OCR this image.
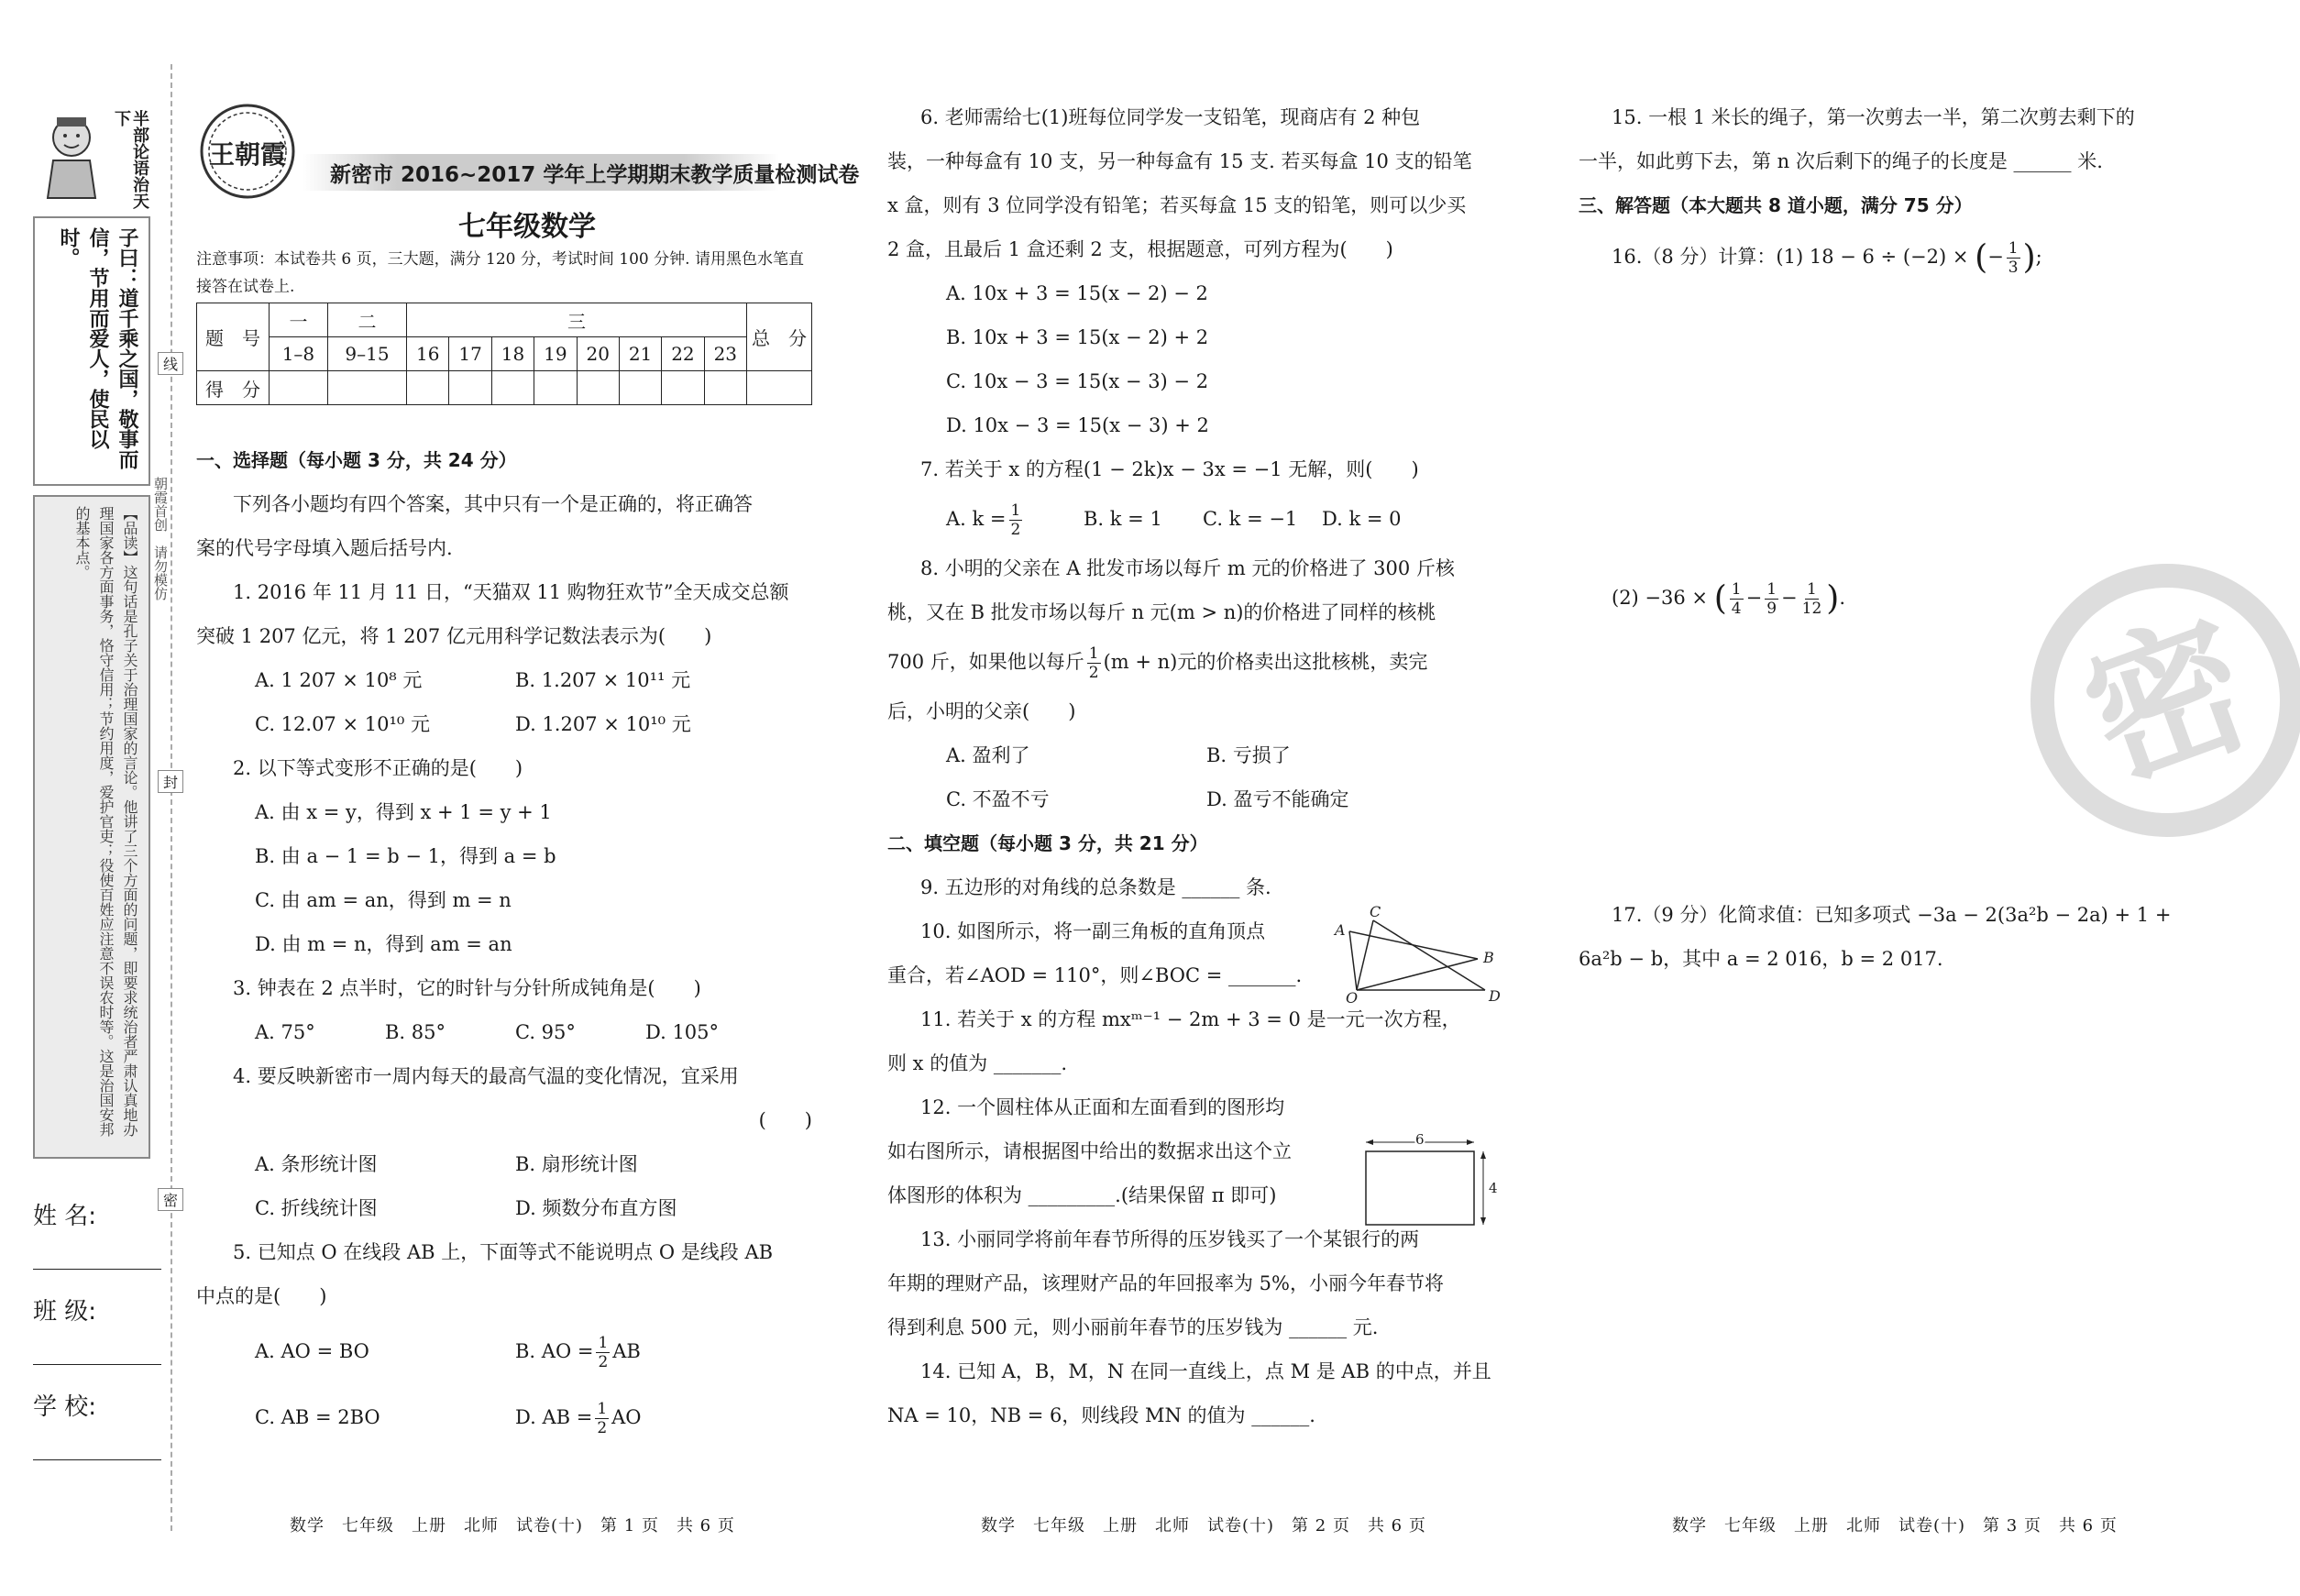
半部论语治天下
子曰：道千乘之国，敬事而信，节用而爱人，使民以时。
【品读】这句话是孔子关于治理国家的言论。他讲了三个方面的问题，即要求统治者严肃认真地办理国家各方面事务，恪守信用；节约用度，爱护官吏；役使百姓应注意不误农时等。这是治国安邦的基本点。
姓 名:
班 级:
学 校:
线
封
密
朝霞首创　请勿模仿
王朝霞
新密市 2016~2017 学年上学期期末教学质量检测试卷
七年级数学
注意事项：本试卷共 6 页，三大题，满分 120 分，考试时间 100 分钟. 请用黑色水笔直接答在试卷上.
题　号	一	二	三								总　分
	1–8	9–15	16	17	18	19	20	21	22	23	
得　分											
一、选择题（每小题 3 分，共 24 分）
下列各小题均有四个答案，其中只有一个是正确的，将正确答
案的代号字母填入题后括号内.
1. 2016 年 11 月 11 日，“天猫双 11 购物狂欢节”全天成交总额
突破 1 207 亿元，将 1 207 亿元用科学记数法表示为(　　)
A. 1 207 × 10⁸ 元	B. 1.207 × 10¹¹ 元
C. 12.07 × 10¹⁰ 元	D. 1.207 × 10¹⁰ 元
2. 以下等式变形不正确的是(　　)
A. 由 x = y，得到 x + 1 = y + 1
B. 由 a − 1 = b − 1，得到 a = b
C. 由 am = an，得到 m = n
D. 由 m = n，得到 am = an
3. 钟表在 2 点半时，它的时针与分针所成钝角是(　　)
A. 75°	B. 85°	C. 95°	D. 105°
4. 要反映新密市一周内每天的最高气温的变化情况，宜采用
(　　)
A. 条形统计图	B. 扇形统计图
C. 折线统计图	D. 频数分布直方图
5. 已知点 O 在线段 AB 上，下面等式不能说明点 O 是线段 AB
中点的是(　　)
A. AO = BO	B. AO = $\frac{1}{2}$ AB
C. AB = 2BO	D. AB = $\frac{1}{2}$ AO
数学　七年级　上册　北师　试卷(十)　第 1 页　共 6 页
6. 老师需给七(1)班每位同学发一支铅笔，现商店有 2 种包
装，一种每盒有 10 支，另一种每盒有 15 支. 若买每盒 10 支的铅笔
x 盒，则有 3 位同学没有铅笔；若买每盒 15 支的铅笔，则可以少买
2 盒，且最后 1 盒还剩 2 支，根据题意，可列方程为(　　)
A. 10x + 3 = 15(x − 2) − 2
B. 10x + 3 = 15(x − 2) + 2
C. 10x − 3 = 15(x − 3) − 2
D. 10x − 3 = 15(x − 3) + 2
7. 若关于 x 的方程(1 − 2k)x − 3x = −1 无解，则(　　)
A. $k = \frac{1}{2}$	B. k = 1 C. k = −1 D. k = 0
8. 小明的父亲在 A 批发市场以每斤 m 元的价格进了 300 斤核
桃，又在 B 批发市场以每斤 n 元(m > n)的价格进了同样的核桃
700 斤，如果他以每斤 $\frac{1}{2} (m + n)$元的价格卖出这批核桃，卖完
后，小明的父亲(　　)
A. 盈利了	B. 亏损了
C. 不盈不亏	D. 盈亏不能确定
二、填空题（每小题 3 分，共 21 分）
9. 五边形的对角线的总条数是 ______ 条.
10. 如图所示，将一副三角板的直角顶点
重合，若∠AOD = 110°，则∠BOC = _______.
11. 若关于 x 的方程 mxᵐ⁻¹ − 2m + 3 = 0 是一元一次方程，
则 x 的值为 _______.
12. 一个圆柱体从正面和左面看到的图形均
如右图所示，请根据图中给出的数据求出这个立
体图形的体积为 _________.(结果保留 π 即可)
13. 小丽同学将前年春节所得的压岁钱买了一个某银行的两
年期的理财产品，该理财产品的年回报率为 5%，小丽今年春节将
得到利息 500 元，则小丽前年春节的压岁钱为 ______ 元.
14. 已知 A，B，M，N 在同一直线上，点 M 是 AB 的中点，并且
NA = 10，NB = 6，则线段 MN 的值为 ______.
A
C
B
O	D
6
4
数学　七年级　上册　北师　试卷(十)　第 2 页　共 6 页
15. 一根 1 米长的绳子，第一次剪去一半，第二次剪去剩下的
一半，如此剪下去，第 n 次后剩下的绳子的长度是 ______ 米.
三、解答题（本大题共 8 道小题，满分 75 分）
16.（8 分）计算：(1) 18 − 6 ÷ (−2) × (− $\frac{1}{3}$ );
(2) −36 × ( $\frac{1}{4} - \frac{1}{9} - \frac{1}{12}$ ).
17.（9 分）化简求值：已知多项式 −3a − 2(3a²b − 2a) + 1 +
6a²b − b，其中 a = 2 016，b = 2 017.
密
数学　七年级　上册　北师　试卷(十)　第 3 页　共 6 页
